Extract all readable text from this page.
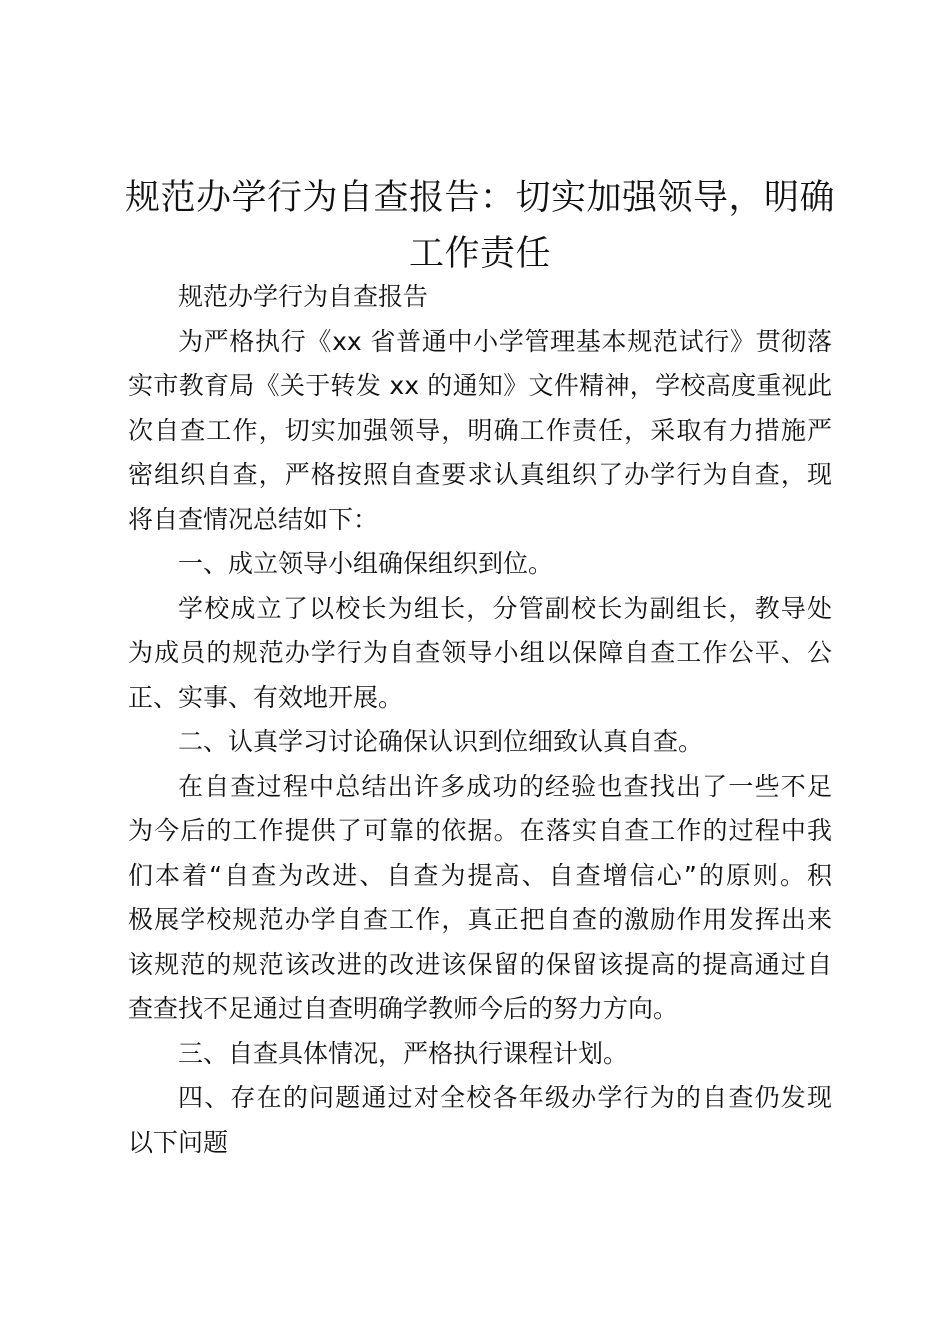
规范办学行为自查报告：切实加强领导，明确
工作责任
规范办学行为自查报告
为严格执行《xx 省普通中小学管理基本规范试行》贯彻落
实市教育局《关于转发 xx 的通知》文件精神，学校高度重视此
次自查工作，切实加强领导，明确工作责任，采取有力措施严
密组织自查，严格按照自查要求认真组织了办学行为自查，现
将自查情况总结如下：
一、成立领导小组确保组织到位。
学校成立了以校长为组长，分管副校长为副组长，教导处
为成员的规范办学行为自查领导小组以保障自查工作公平、公
正、实事、有效地开展。
二、认真学习讨论确保认识到位细致认真自查。
在自查过程中总结出许多成功的经验也查找出了一些不足
为今后的工作提供了可靠的依据。在落实自查工作的过程中我
们本着“自查为改进、自查为提高、自查增信心”的原则。积
极展学校规范办学自查工作，真正把自查的激励作用发挥出来
该规范的规范该改进的改进该保留的保留该提高的提高通过自
查查找不足通过自查明确学教师今后的努力方向。
三、自查具体情况，严格执行课程计划。
四、存在的问题通过对全校各年级办学行为的自查仍发现
以下问题
